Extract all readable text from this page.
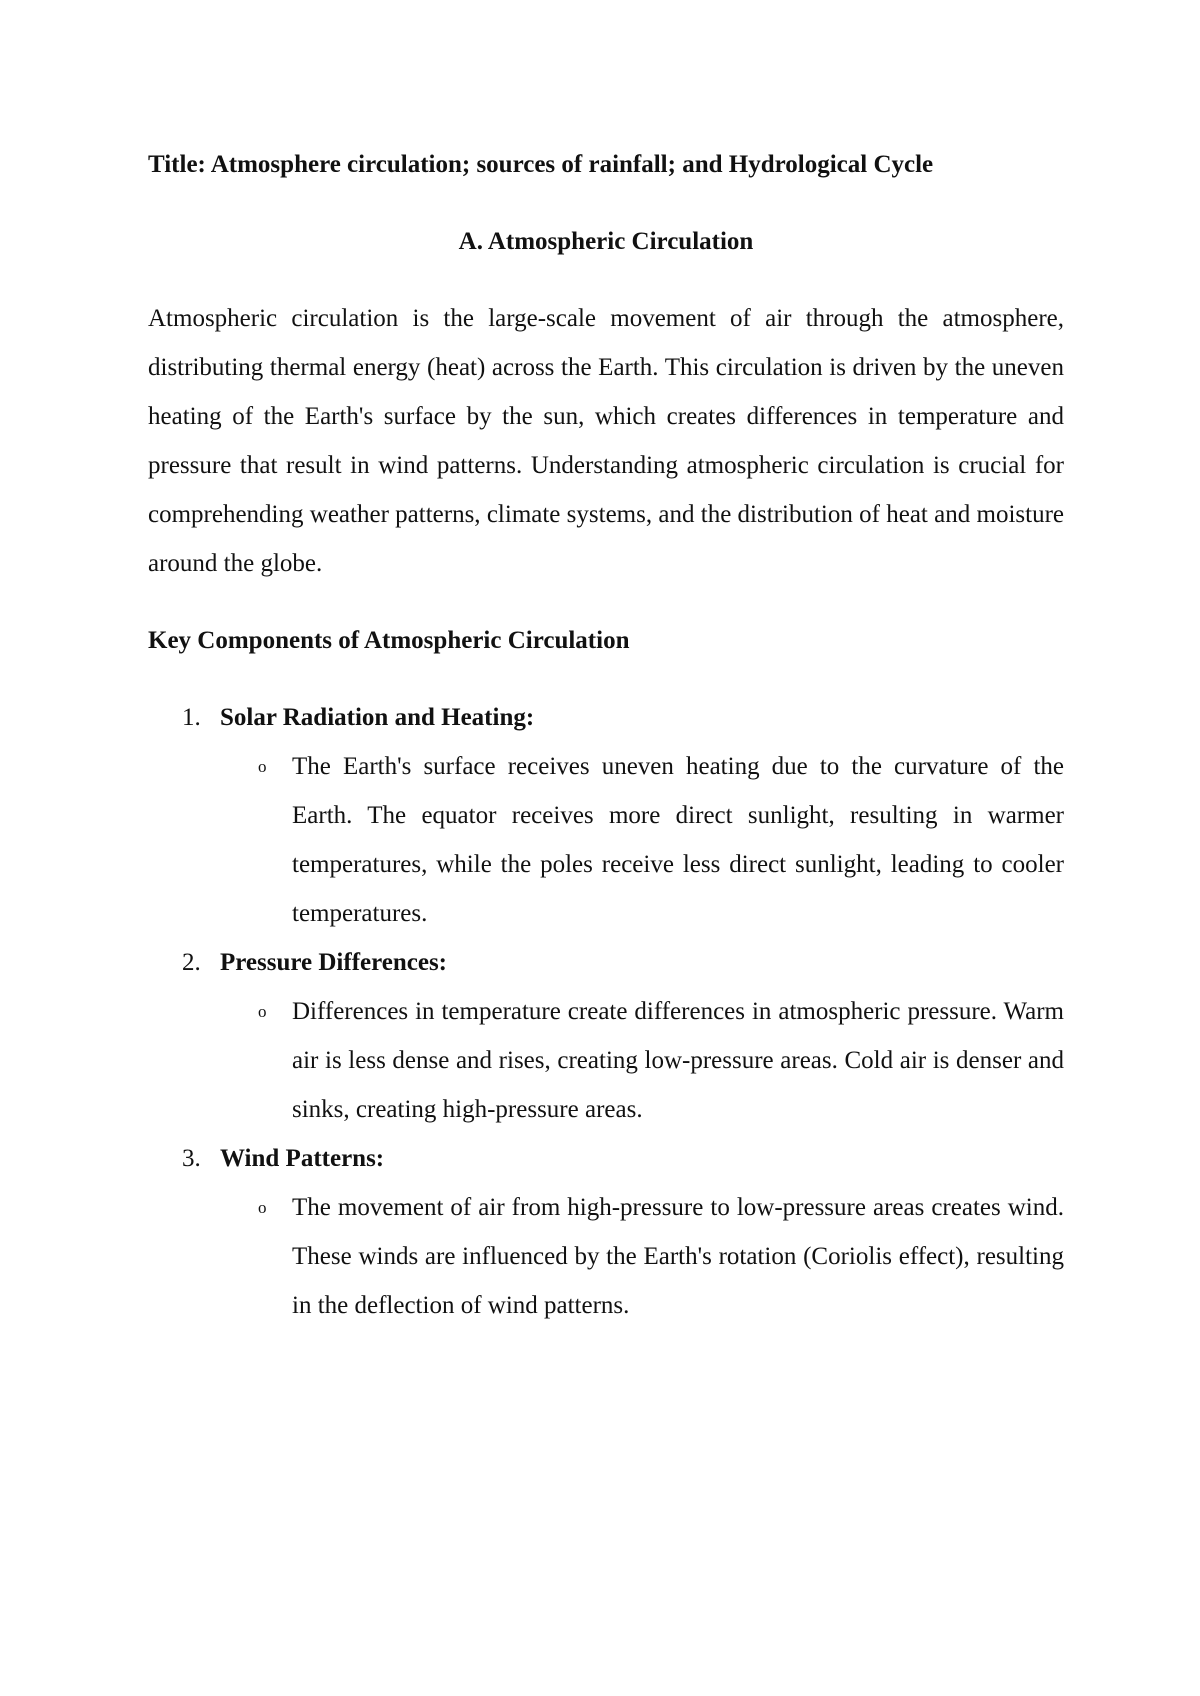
Title: Atmosphere circulation; sources of rainfall; and Hydrological Cycle

A. Atmospheric Circulation

Atmospheric circulation is the large-scale movement of air through the atmosphere, distributing thermal energy (heat) across the Earth. This circulation is driven by the uneven heating of the Earth's surface by the sun, which creates differences in temperature and pressure that result in wind patterns. Understanding atmospheric circulation is crucial for comprehending weather patterns, climate systems, and the distribution of heat and moisture around the globe.

Key Components of Atmospheric Circulation

1. Solar Radiation and Heating:
o	The Earth's surface receives uneven heating due to the curvature of the Earth. The equator receives more direct sunlight, resulting in warmer temperatures, while the poles receive less direct sunlight, leading to cooler temperatures.
2. Pressure Differences:
o	Differences in temperature create differences in atmospheric pressure. Warm air is less dense and rises, creating low-pressure areas. Cold air is denser and sinks, creating high-pressure areas.
3. Wind Patterns:
o	The movement of air from high-pressure to low-pressure areas creates wind. These winds are influenced by the Earth's rotation (Coriolis effect), resulting in the deflection of wind patterns.
